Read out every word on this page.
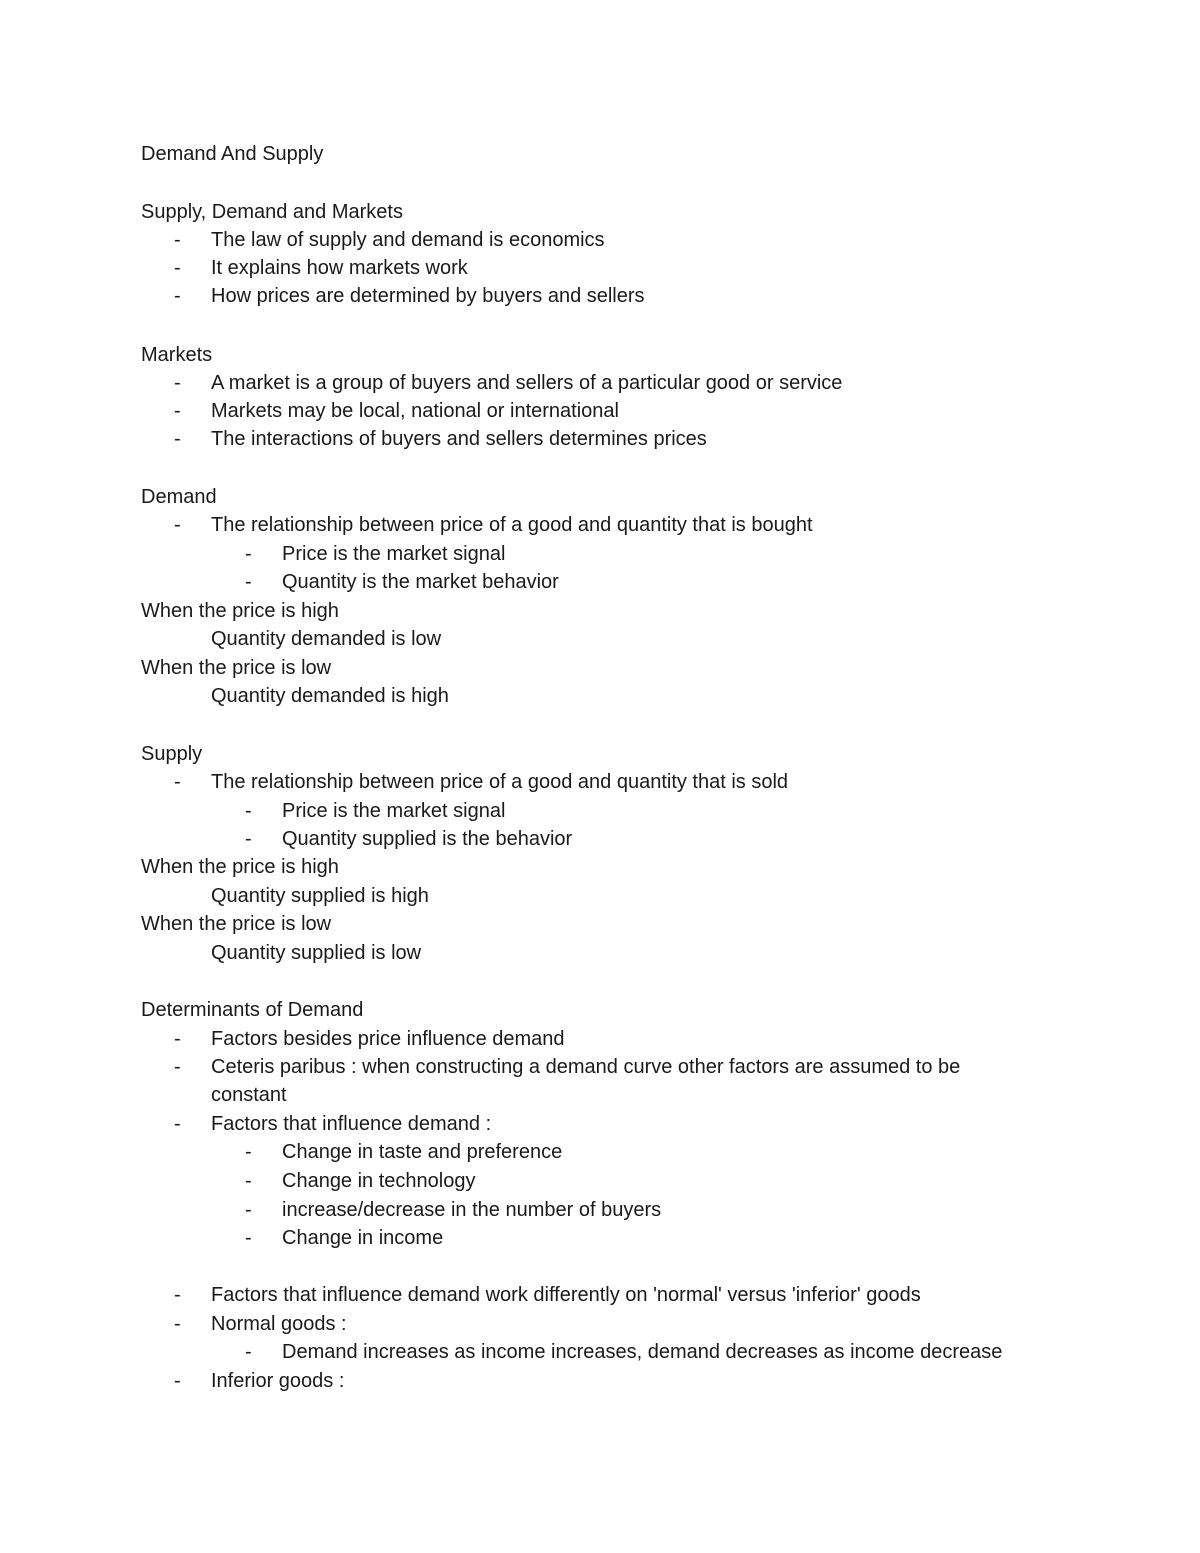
Demand And Supply
Supply, Demand and Markets
- The law of supply and demand is economics
- It explains how markets work
- How prices are determined by buyers and sellers
Markets
- A market is a group of buyers and sellers of a particular good or service
- Markets may be local, national or international
- The interactions of buyers and sellers determines prices
Demand
- The relationship between price of a good and quantity that is bought
- Price is the market signal
- Quantity is the market behavior
When the price is high
Quantity demanded is low
When the price is low
Quantity demanded is high
Supply
- The relationship between price of a good and quantity that is sold
- Price is the market signal
- Quantity supplied is the behavior
When the price is high
Quantity supplied is high
When the price is low
Quantity supplied is low
Determinants of Demand
- Factors besides price influence demand
- Ceteris paribus : when constructing a demand curve other factors are assumed to be
constant
- Factors that influence demand :
- Change in taste and preference
- Change in technology
- increase/decrease in the number of buyers
- Change in income
- Factors that influence demand work differently on 'normal' versus 'inferior' goods
- Normal goods :
- Demand increases as income increases, demand decreases as income decrease
- Inferior goods :
